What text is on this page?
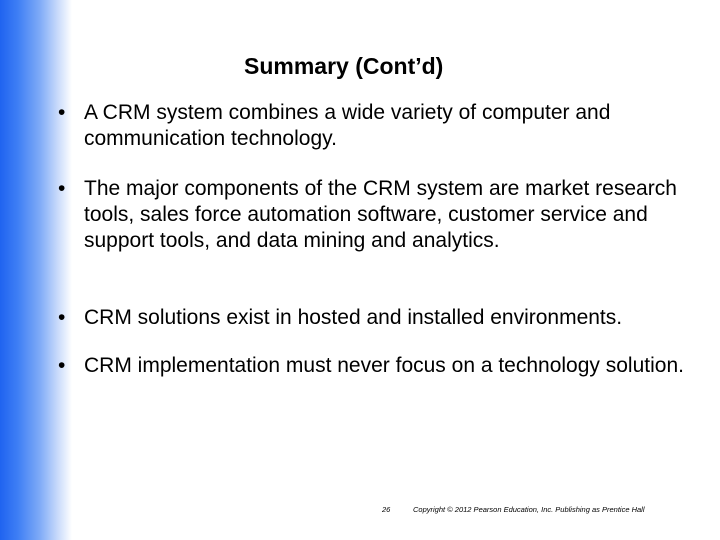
Summary (Cont’d)
• A CRM system combines a wide variety of computer and communication technology.
• The major components of the CRM system are market research tools, sales force automation software, customer service and support tools, and data mining and analytics.
• CRM solutions exist in hosted and installed environments.
• CRM implementation must never focus on a technology solution.
26	Copyright © 2012 Pearson Education, Inc. Publishing as Prentice Hall
